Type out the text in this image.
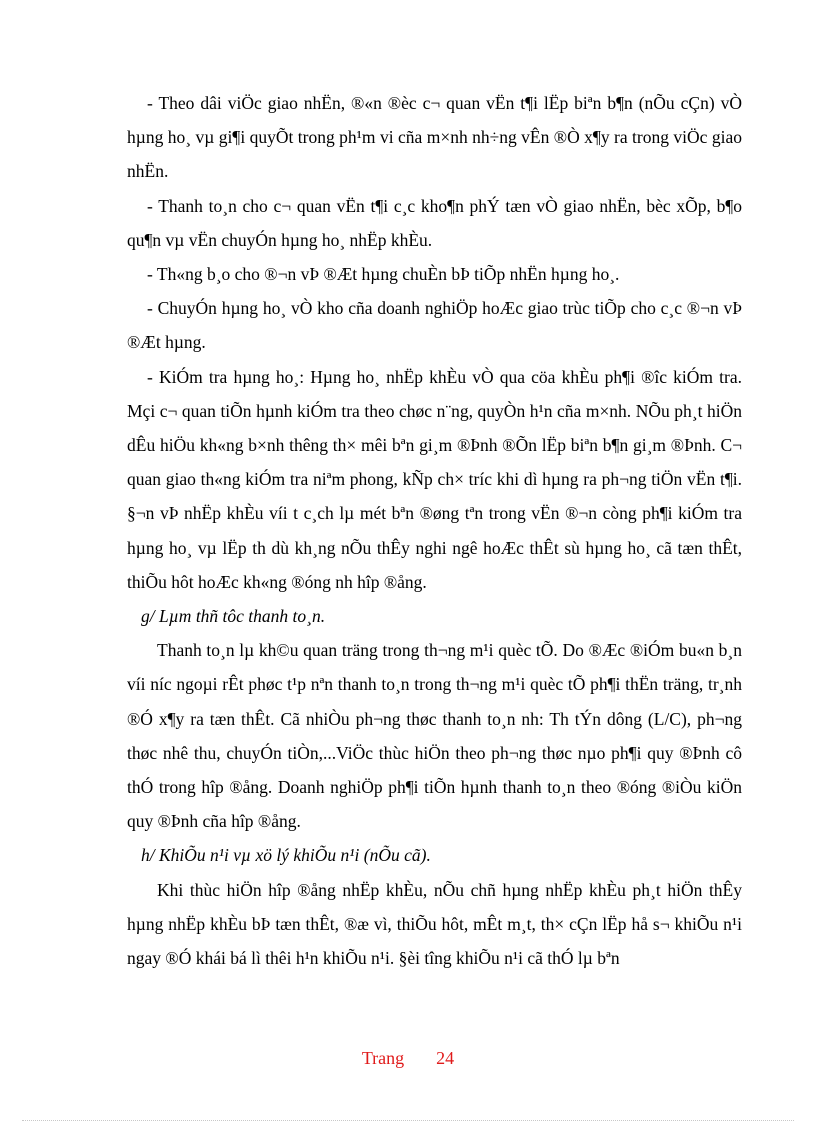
- Theo dâi viÖc giao nhËn, ®«n ®èc c¬ quan vËn t¶i lËp biªn b¶n (nÕu cÇn) vÒ hµng ho¸ vµ gi¶i quyÕt trong ph¹m vi cña m×nh nh÷ng vÊn ®Ò x¶y ra trong viÖc giao nhËn.

- Thanh to¸n cho c¬ quan vËn t¶i c¸c kho¶n phÝ tæn vÒ giao nhËn, bèc xÕp, b¶o qu¶n vµ vËn chuyÓn hµng ho¸ nhËp khÈu.

- Th«ng b¸o cho ®¬n vÞ ®Æt hµng chuÈn bÞ tiÕp nhËn hµng ho¸.

- ChuyÓn hµng ho¸ vÒ kho cña doanh nghiÖp hoÆc giao trùc tiÕp cho c¸c ®¬n vÞ ®Æt hµng.

- KiÓm tra hµng ho¸: Hµng ho¸ nhËp khÈu vÒ qua cöa khÈu ph¶i ®îc kiÓm tra. Mçi c¬ quan tiÕn hµnh kiÓm tra theo chøc n¨ng, quyÒn h¹n cña m×nh. NÕu ph¸t hiÖn dÊu hiÖu kh«ng b×nh thêng th× mêi bªn gi¸m ®Þnh ®Õn lËp biªn b¶n gi¸m ®Þnh. C¬ quan giao th«ng kiÓm tra niªm phong, kÑp ch× tríc khi dì hµng ra ph¬ng tiÖn vËn t¶i. §¬n vÞ nhËp khÈu víi t c¸ch lµ mét bªn ®øng tªn trong vËn ®¬n còng ph¶i kiÓm tra hµng ho¸ vµ lËp th dù kh¸ng nÕu thÊy nghi ngê hoÆc thÊt sù hµng ho¸ cã tæn thÊt, thiÕu hôt hoÆc kh«ng ®óng nh hîp ®ång.

g/ Lµm thñ tôc thanh to¸n.

Thanh to¸n lµ kh©u quan träng trong th¬ng m¹i quèc tÕ. Do ®Æc ®iÓm bu«n b¸n víi níc ngoµi rÊt phøc t¹p nªn thanh to¸n trong th¬ng m¹i quèc tÕ ph¶i thËn träng, tr¸nh ®Ó x¶y ra tæn thÊt. Cã nhiÒu ph¬ng thøc thanh to¸n nh: Th tÝn dông (L/C), ph¬ng thøc nhê thu, chuyÓn tiÒn,...ViÖc thùc hiÖn theo ph¬ng thøc nµo ph¶i quy ®Þnh cô thÓ trong hîp ®ång. Doanh nghiÖp ph¶i tiÕn hµnh thanh to¸n theo ®óng ®iÒu kiÖn quy ®Þnh cña hîp ®ång.

h/ KhiÕu n¹i vµ xö lý khiÕu n¹i (nÕu cã).

Khi thùc hiÖn hîp ®ång nhËp khÈu, nÕu chñ hµng nhËp khÈu ph¸t hiÖn thÊy hµng nhËp khÈu bÞ tæn thÊt, ®æ vì, thiÕu hôt, mÊt m¸t, th× cÇn lËp hå s¬ khiÕu n¹i ngay ®Ó khái bá lì thêi h¹n khiÕu n¹i. §èi tîng khiÕu n¹i cã thÓ lµ bªn

Trang 24
